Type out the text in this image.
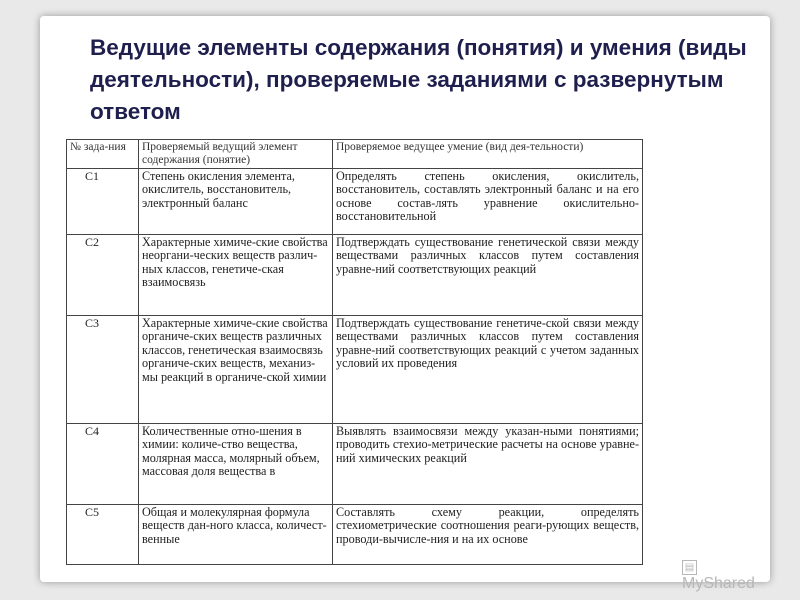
Ведущие элементы содержания (понятия) и умения (виды деятельности), проверяемые заданиями с развернутым ответом
№ зада-ния	Проверяемый ведущий элемент содержания (понятие)	Проверяемое ведущее умение (вид дея-тельности)
С1	Степень окисления элемента, окислитель, восстановитель, электронный баланс	Определять степень окисления, окислитель, восстановитель, составлять электронный баланс и на его основе состав-лять уравнение окислительно-восстановительной
С2	Характерные химиче-ские свойства неоргани-ческих веществ различ-ных классов, генетиче-ская взаимосвязь	Подтверждать существование генетической связи между веществами различных классов путем составления уравне-ний соответствующих реакций
С3	Характерные химиче-ские свойства органиче-ских веществ различных классов, генетическая взаимосвязь органиче-ских веществ, механиз-мы реакций в органиче-ской химии	Подтверждать существование генетиче-ской связи между веществами различных классов путем составления уравне-ний соответствующих реакций с учетом заданных условий их проведения
С4	Количественные отно-шения в химии: количе-ство вещества, молярная масса, молярный объем, массовая доля вещества в	Выявлять взаимосвязи между указан-ными понятиями; проводить стехио-метрические расчеты на основе уравне-ний химических реакций
С5	Общая и молекулярная формула веществ дан-ного класса, количест-венные	Составлять схему реакции, определять стехиометрические соотношения реаги-рующих веществ, проводи-вычисле-ния и на их основе
▤MyShared
